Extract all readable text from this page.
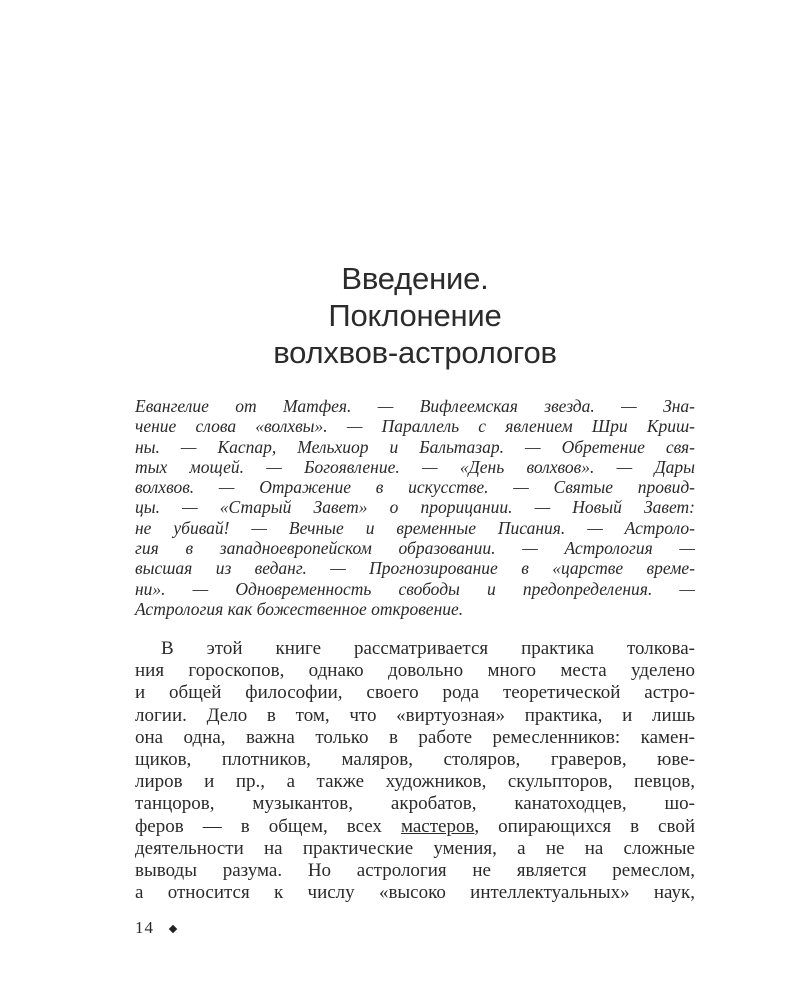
Введение.
Поклонение
волхвов-астрологов
Евангелие от Матфея. — Вифлеемская звезда. — Зна-
чение слова «волхвы». — Параллель с явлением Шри Криш-
ны. — Каспар, Мельхиор и Бальтазар. — Обретение свя-
тых мощей. — Богоявление. — «День волхвов». — Дары
волхвов. — Отражение в искусстве. — Святые провид-
цы. — «Старый Завет» о прорицании. — Новый Завет:
не убивай! — Вечные и временные Писания. — Астроло-
гия в западноевропейском образовании. — Астрология —
высшая из веданг. — Прогнозирование в «царстве време-
ни». — Одновременность свободы и предопределения. —
Астрология как божественное откровение.
В этой книге рассматривается практика толкова-
ния гороскопов, однако довольно много места уделено
и общей философии, своего рода теоретической астро-
логии. Дело в том, что «виртуозная» практика, и лишь
она одна, важна только в работе ремесленников: камен-
щиков, плотников, маляров, столяров, граверов, юве-
лиров и пр., а также художников, скульпторов, певцов,
танцоров, музыкантов, акробатов, канатоходцев, шо-
феров — в общем, всех мастеров, опирающихся в свой
деятельности на практические умения, а не на сложные
выводы разума. Но астрология не является ремеслом,
а относится к числу «высоко интеллектуальных» наук,
14
